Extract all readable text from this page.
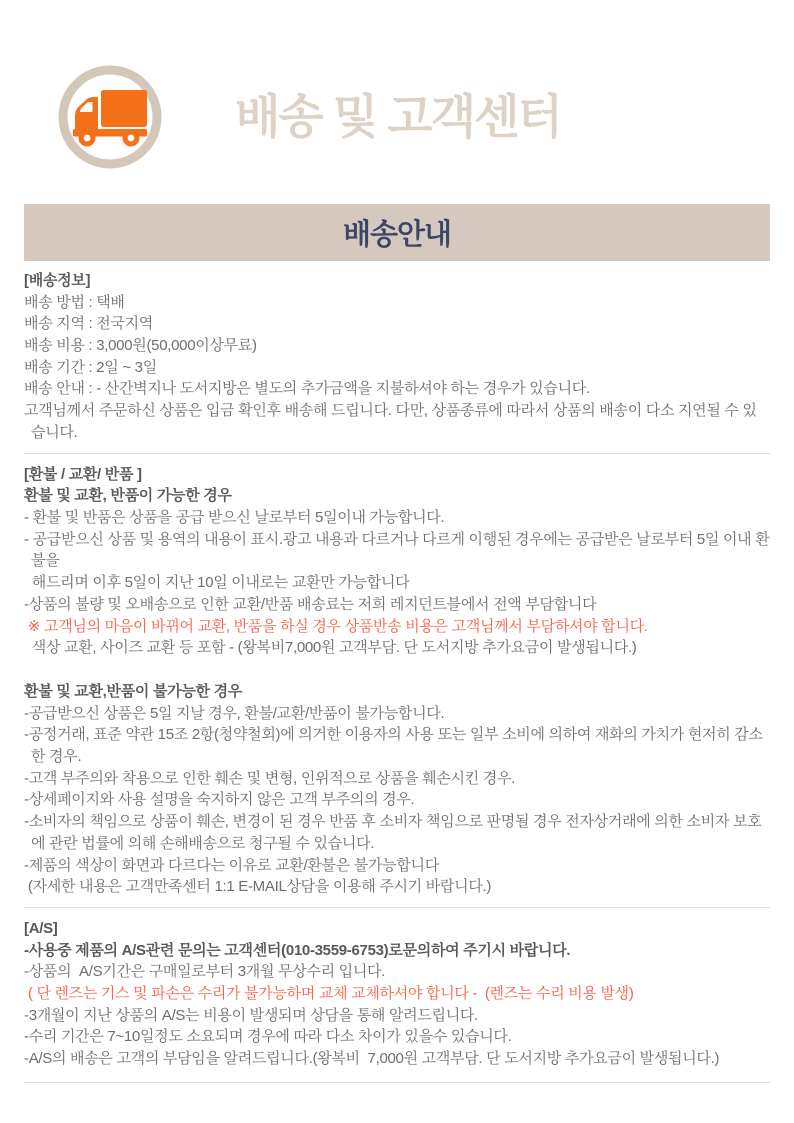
배송 및 고객센터
배송안내

[배송정보]

배송 방법 : 택배

배송 지역 : 전국지역

배송 비용 : 3,000원(50,000이상무료)

배송 기간 : 2일 ~ 3일

배송 안내 : - 산간벽지나 도서지방은 별도의 추가금액을 지불하셔야 하는 경우가 있습니다.

고객님께서 주문하신 상품은 입금 확인후 배송해 드립니다. 다만, 상품종류에 따라서 상품의 배송이 다소 지연될 수 있습니다.

[환불 / 교환/ 반품 ]

환불 및 교환, 반품이 가능한 경우

- 환불 및 반품은 상품을 공급 받으신 날로부터 5일이내 가능합니다.

- 공급받으신 상품 및 용역의 내용이 표시.광고 내용과 다르거나 다르게 이행된 경우에는 공급받은 날로부터 5일 이내 환불을

해드리며 이후 5일이 지난 10일 이내로는 교환만 가능합니다

-상품의 불량 및 오배송으로 인한 교환/반품 배송료는 저희 레지던트블에서 전액 부담합니다

※ 고객님의 마음이 바뀌어 교환, 반품을 하실 경우 상품반송 비용은 고객님께서 부담하셔야 합니다.

색상 교환, 사이즈 교환 등 포함 - (왕복비7,000원 고객부담. 단 도서지방 추가요금이 발생됩니다.)

환불 및 교환,반품이 불가능한 경우

-공급받으신 상품은 5일 지날 경우, 환불/교환/반품이 불가능합니다.

-공정거래, 표준 약관 15조 2항(청약철회)에 의거한 이용자의 사용 또는 일부 소비에 의하여 재화의 가치가 현저히 감소한 경우.

-고객 부주의와 착용으로 인한 훼손 및 변형, 인위적으로 상품을 훼손시킨 경우.

-상세페이지와 사용 설명을 숙지하지 않은 고객 부주의의 경우.

-소비자의 책임으로 상품이 훼손, 변경이 된 경우 반품 후 소비자 책임으로 판명될 경우 전자상거래에 의한 소비자 보호에 관란 법률에 의해 손해배송으로 청구될 수 있습니다.

-제품의 색상이 화면과 다르다는 이유로 교환/환불은 불가능합니다

(자세한 내용은 고객만족센터 1:1 E-MAIL상담을 이용해 주시기 바랍니다.)

[A/S]

-사용중 제품의 A/S관련 문의는 고객센터(010-3559-6753)로문의하여 주기시 바랍니다.

-상품의  A/S기간은 구매일로부터 3개월 무상수리 입니다.

( 단 렌즈는 기스 및 파손은 수리가 불가능하며 교체 교체하셔야 합니다 -  (렌즈는 수리 비용 발생)

-3개월이 지난 상품의 A/S는 비용이 발생되며 상담을 통해 알려드립니다.

-수리 기간은 7~10일정도 소요되며 경우에 따라 다소 차이가 있을수 있습니다.

-A/S의 배송은 고객의 부담임을 알려드립니다.(왕복비  7,000원 고객부담. 단 도서지방 추가요금이 발생됩니다.)
